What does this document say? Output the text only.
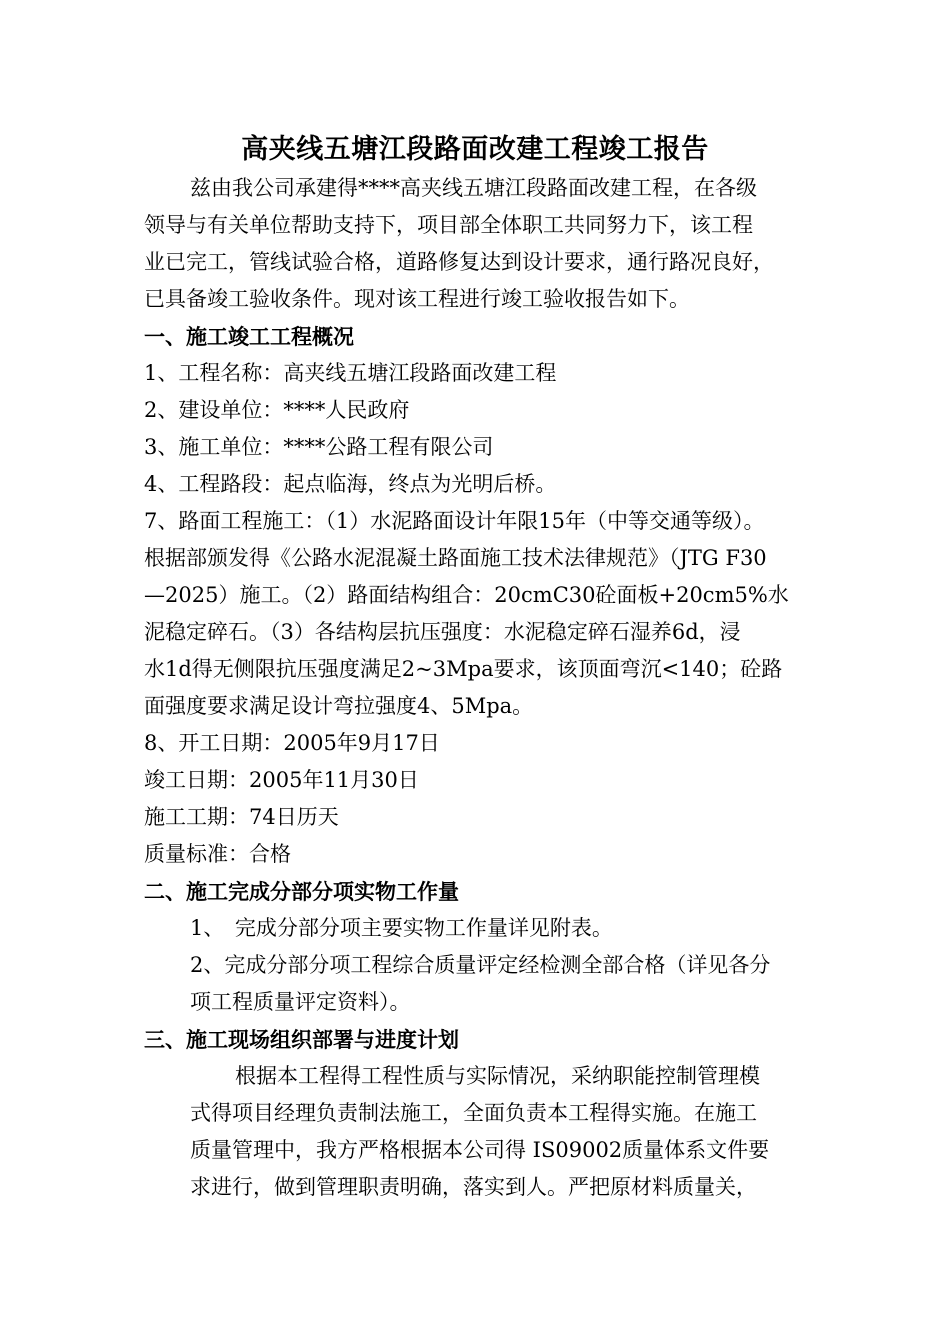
高夹线五塘江段路面改建工程竣工报告
兹由我公司承建得****高夹线五塘江段路面改建工程，在各级
领导与有关单位帮助支持下，项目部全体职工共同努力下，该工程
业已完工，管线试验合格，道路修复达到设计要求，通行路况良好，
已具备竣工验收条件。现对该工程进行竣工验收报告如下。
一、施工竣工工程概况
1、工程名称：高夹线五塘江段路面改建工程
2、建设单位：****人民政府
3、施工单位：****公路工程有限公司
4、工程路段：起点临海，终点为光明后桥。
7、路面工程施工：（1）水泥路面设计年限15年（中等交通等级）。
根据部颁发得《公路水泥混凝土路面施工技术法律规范》（JTG F30
—2025）施工。（2）路面结构组合：20cmC30砼面板+20cm5%水
泥稳定碎石。（3）各结构层抗压强度：水泥稳定碎石湿养6d，浸
水1d得无侧限抗压强度满足2~3Mpa要求，该顶面弯沉<140；砼路
面强度要求满足设计弯拉强度4、5Mpa。
8、开工日期：2005年9月17日
竣工日期：2005年11月30日
施工工期：74日历天
质量标准：合格
二、施工完成分部分项实物工作量
1、　完成分部分项主要实物工作量详见附表。
2、完成分部分项工程综合质量评定经检测全部合格（详见各分
项工程质量评定资料）。
三、施工现场组织部署与进度计划
根据本工程得工程性质与实际情况，采纳职能控制管理模
式得项目经理负责制法施工，全面负责本工程得实施。在施工
质量管理中，我方严格根据本公司得 IS09002质量体系文件要
求进行，做到管理职责明确，落实到人。严把原材料质量关，
